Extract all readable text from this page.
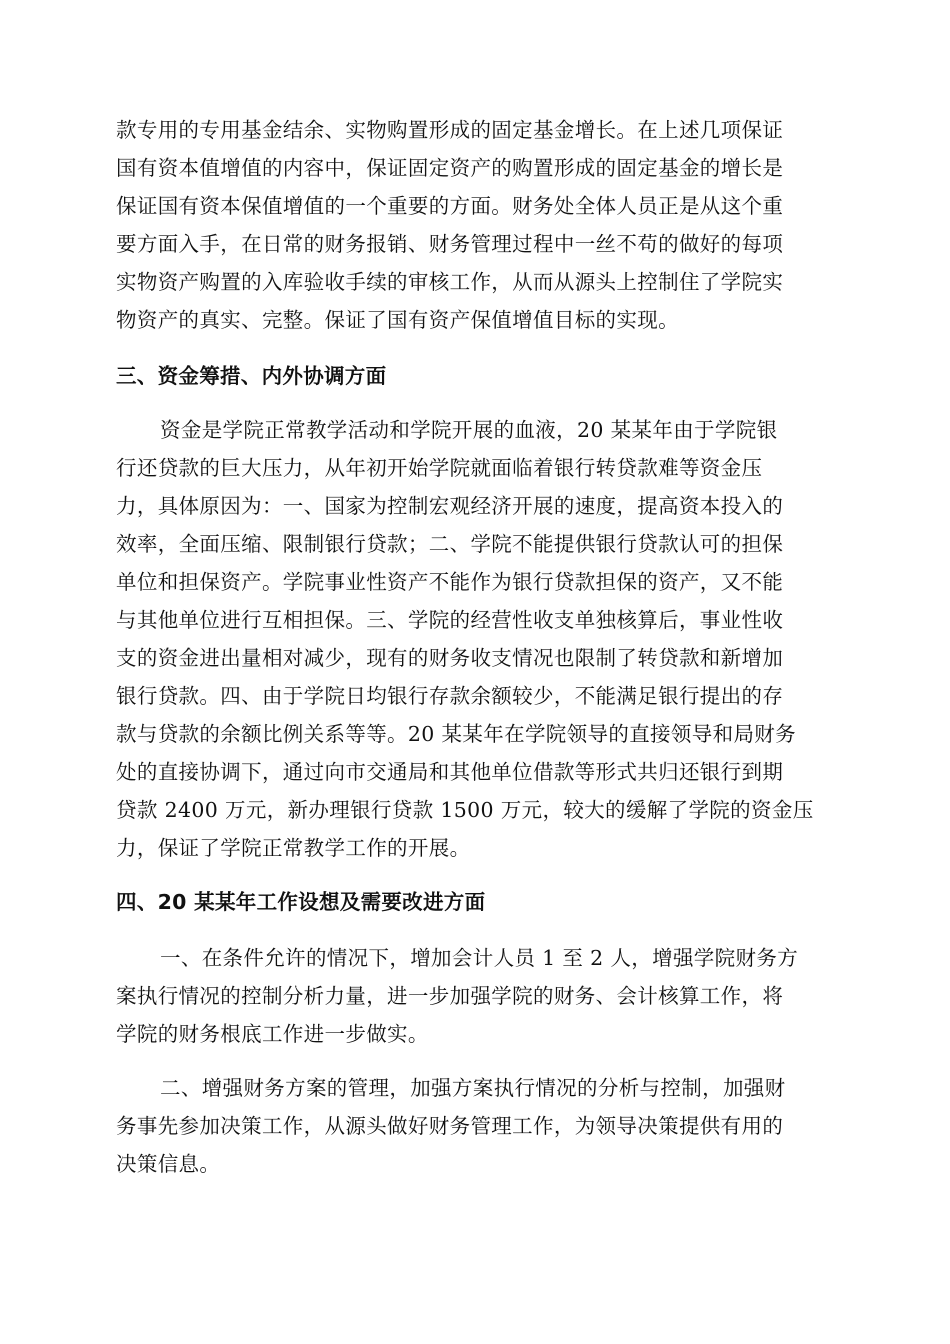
款专用的专用基金结余、实物购置形成的固定基金增长。在上述几项保证
国有资本值增值的内容中，保证固定资产的购置形成的固定基金的增长是
保证国有资本保值增值的一个重要的方面。财务处全体人员正是从这个重
要方面入手，在日常的财务报销、财务管理过程中一丝不苟的做好的每项
实物资产购置的入库验收手续的审核工作，从而从源头上控制住了学院实
物资产的真实、完整。保证了国有资产保值增值目标的实现。
三、资金筹措、内外协调方面
资金是学院正常教学活动和学院开展的血液，20 某某年由于学院银
行还贷款的巨大压力，从年初开始学院就面临着银行转贷款难等资金压
力，具体原因为：一、国家为控制宏观经济开展的速度，提高资本投入的
效率，全面压缩、限制银行贷款；二、学院不能提供银行贷款认可的担保
单位和担保资产。学院事业性资产不能作为银行贷款担保的资产，又不能
与其他单位进行互相担保。三、学院的经营性收支单独核算后，事业性收
支的资金进出量相对减少，现有的财务收支情况也限制了转贷款和新增加
银行贷款。四、由于学院日均银行存款余额较少，不能满足银行提出的存
款与贷款的余额比例关系等等。20 某某年在学院领导的直接领导和局财务
处的直接协调下，通过向市交通局和其他单位借款等形式共归还银行到期
贷款 2400 万元，新办理银行贷款 1500 万元，较大的缓解了学院的资金压
力，保证了学院正常教学工作的开展。
四、20 某某年工作设想及需要改进方面
一、在条件允许的情况下，增加会计人员 1 至 2 人，增强学院财务方
案执行情况的控制分析力量，进一步加强学院的财务、会计核算工作，将
学院的财务根底工作进一步做实。
二、增强财务方案的管理，加强方案执行情况的分析与控制，加强财
务事先参加决策工作，从源头做好财务管理工作，为领导决策提供有用的
决策信息。
